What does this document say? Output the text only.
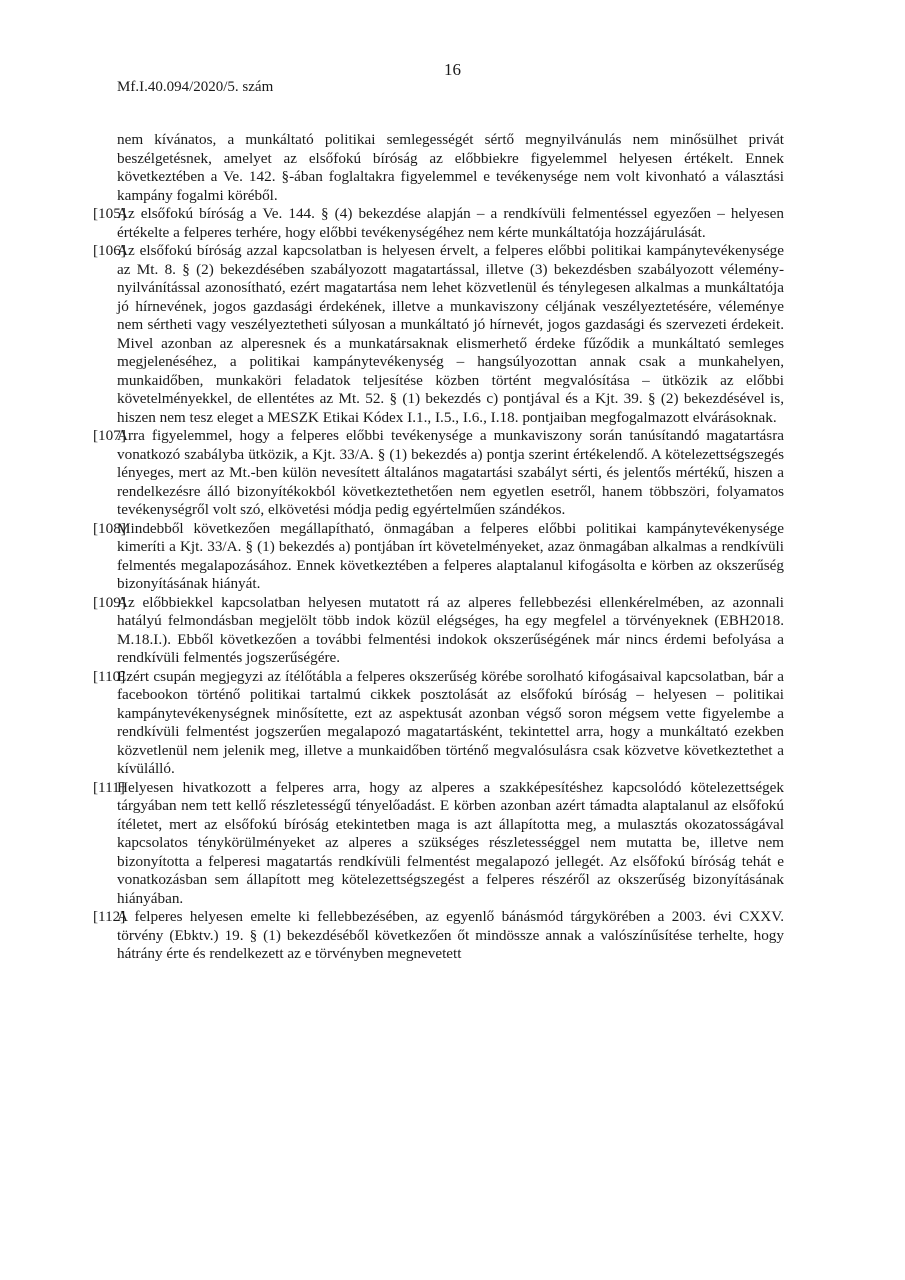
16
Mf.I.40.094/2020/5. szám
nem kívánatos, a munkáltató politikai semlegességét sértő megnyilvánulás nem minősülhet privát beszélgetésnek, amelyet az elsőfokú bíróság az előbbiekre figyelemmel helyesen értékelt. Ennek következtében a Ve. 142. §-ában foglaltakra figyelemmel e tevékenysége nem volt kivonható a választási kampány fogalmi köréből.
[105]
Az elsőfokú bíróság a Ve. 144. § (4) bekezdése alapján – a rendkívüli felmentéssel egyezően – helyesen értékelte a felperes terhére, hogy előbbi tevékenységéhez nem kérte munkáltatója hozzájárulását.
[106]
Az elsőfokú bíróság azzal kapcsolatban is helyesen érvelt, a felperes előbbi politikai kampánytevékenysége az Mt. 8. § (2) bekezdésében szabályozott magatartással, illetve (3) bekezdésben szabályozott vélemény-nyilvánítással azonosítható, ezért magatartása nem lehet közvetlenül és ténylegesen alkalmas a munkáltatója jó hírnevének, jogos gazdasági érdekének, illetve a munkaviszony céljának veszélyeztetésére, véleménye nem sértheti vagy veszélyeztetheti súlyosan a munkáltató jó hírnevét, jogos gazdasági és szervezeti érdekeit. Mivel azonban az alperesnek és a munkatársaknak elismerhető érdeke fűződik a munkáltató semleges megjelenéséhez, a politikai kampánytevékenység – hangsúlyozottan annak csak a munkahelyen, munkaidőben, munkaköri feladatok teljesítése közben történt megvalósítása – ütközik az előbbi követelményekkel, de ellentétes az Mt. 52. § (1) bekezdés c) pontjával és a Kjt. 39. § (2) bekezdésével is, hiszen nem tesz eleget a MESZK Etikai Kódex I.1., I.5., I.6., I.18. pontjaiban megfogalmazott elvárásoknak.
[107]
Arra figyelemmel, hogy a felperes előbbi tevékenysége a munkaviszony során tanúsítandó magatartásra vonatkozó szabályba ütközik, a Kjt. 33/A. § (1) bekezdés a) pontja szerint értékelendő. A kötelezettségszegés lényeges, mert az Mt.-ben külön nevesített általános magatartási szabályt sérti, és jelentős mértékű, hiszen a rendelkezésre álló bizonyítékokból következtethetően nem egyetlen esetről, hanem többszöri, folyamatos tevékenységről volt szó, elkövetési módja pedig egyértelműen szándékos.
[108]
Mindebből következően megállapítható, önmagában a felperes előbbi politikai kampánytevékenysége kimeríti a Kjt. 33/A. § (1) bekezdés a) pontjában írt követelményeket, azaz önmagában alkalmas a rendkívüli felmentés megalapozásához. Ennek következtében a felperes alaptalanul kifogásolta e körben az okszerűség bizonyításának hiányát.
[109]
Az előbbiekkel kapcsolatban helyesen mutatott rá az alperes fellebbezési ellenkérelmében, az azonnali hatályú felmondásban megjelölt több indok közül elégséges, ha egy megfelel a törvényeknek (EBH2018. M.18.I.). Ebből következően a további felmentési indokok okszerűségének már nincs érdemi befolyása a rendkívüli felmentés jogszerűségére.
[110]
Ezért csupán megjegyzi az ítélőtábla a felperes okszerűség körébe sorolható kifogásaival kapcsolatban, bár a facebookon történő politikai tartalmú cikkek posztolását az elsőfokú bíróság – helyesen – politikai kampánytevékenységnek minősítette, ezt az aspektusát azonban végső soron mégsem vette figyelembe a rendkívüli felmentést jogszerűen megalapozó magatartásként, tekintettel arra, hogy a munkáltató ezekben közvetlenül nem jelenik meg, illetve a munkaidőben történő megvalósulásra csak közvetve következtethet a kívülálló.
[111]
Helyesen hivatkozott a felperes arra, hogy az alperes a szakképesítéshez kapcsolódó kötelezettségek tárgyában nem tett kellő részletességű tényelőadást. E körben azonban azért támadta alaptalanul az elsőfokú ítéletet, mert az elsőfokú bíróság etekintetben maga is azt állapította meg, a mulasztás okozatosságával kapcsolatos ténykörülményeket az alperes a szükséges részletességgel nem mutatta be, illetve nem bizonyította a felperesi magatartás rendkívüli felmentést megalapozó jellegét. Az elsőfokú bíróság tehát e vonatkozásban sem állapított meg kötelezettségszegést a felperes részéről az okszerűség bizonyításának hiányában.
[112]
A felperes helyesen emelte ki fellebbezésében, az egyenlő bánásmód tárgykörében a 2003. évi CXXV. törvény (Ebktv.) 19. § (1) bekezdéséből következően őt mindössze annak a valószínűsítése terhelte, hogy hátrány érte és rendelkezett az e törvényben megnevetett
